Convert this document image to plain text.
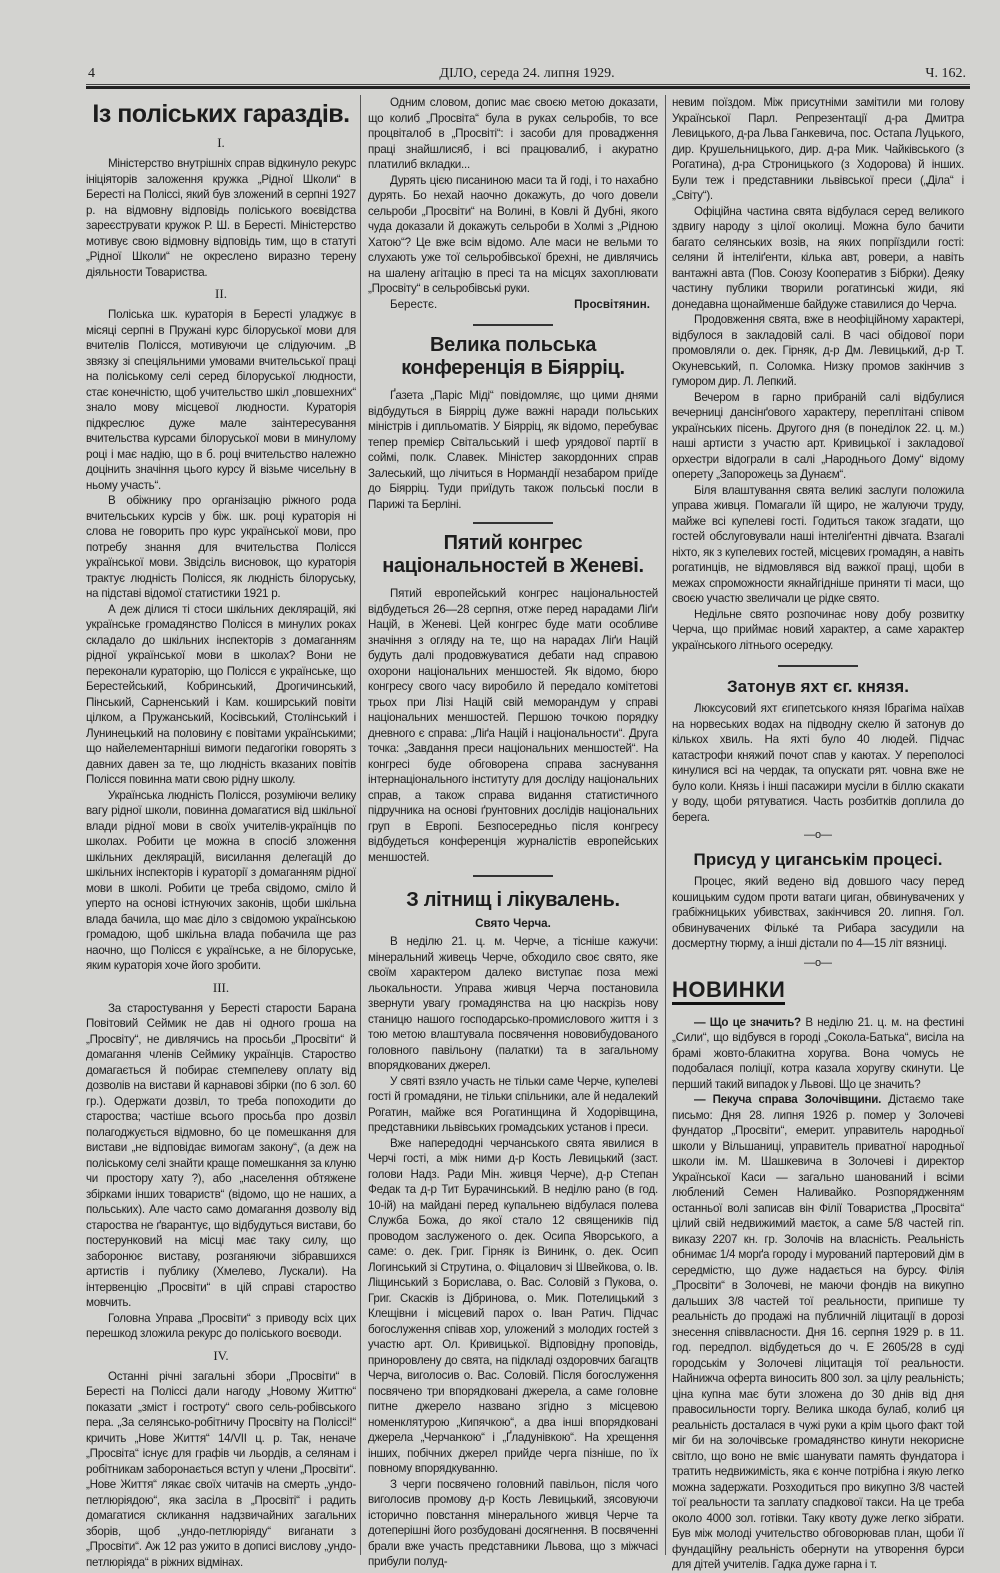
4	ДІЛО, середа 24. липня 1929.	Ч. 162.
Із поліських гараздів.
I.

Міністерство внутрішніх справ відкинуло рекурс ініціяторів заложення кружка „Рідної Школи“ в Бересті на Поліссі, який був зложений в серпні 1927 р. на відмовну відповідь поліського воєвідства зареєструвати кружок Р. Ш. в Бересті. Міністерство мотивує свою відмовну відповідь тим, що в статуті „Рідної Школи“ не окреслено виразно терену діяльности Товариства.

II.

Поліська шк. кураторія в Бересті уладжує в місяці серпні в Пружані курс білоруської мови для вчителів Полісся, мотивуючи це слідуючим. „В звязку зі спеціяльними умовами вчительської праці на поліському селі серед білоруської людности, стає конечністю, щоб учительство шкіл „повшехних“ знало мову місцевої людности. Кураторія підкреслює дуже мале заінтересування вчительства курсами білоруської мови в минулому році і має надію, що в б. році вчительство належно доцінить значіння цього курсу й візьме чисельну в ньому участь“.

В обіжнику про організацію ріжного рода вчительських курсів у біж. шк. році кураторія ні слова не говорить про курс української мови, про потребу знання для вчительства Полісся української мови. Звідсіль висновок, що кураторія трактує людність Полісся, як людність білоруську, на підставі відомої статистики 1921 р.

А деж ділися ті стоси шкільних деклярацій, які українське громадянство Полісся в минулих роках складало до шкільних інспекторів з домаганням рідної української мови в школах? Вони не переконали кураторію, що Полісся є українське, що Берестейський, Кобринський, Дрогичинський, Пінський, Сарненський і Кам. коширський повіти цілком, а Пружанський, Косівський, Столінський і Лунинецький на половину є повітами українськими; що найелементарніші вимоги педагогіки говорять з давних давен за те, що людність вказаних повітів Полісся повинна мати свою рідну школу.

Українська людність Полісся, розуміючи велику вагу рідної школи, повинна домагатися від шкільної влади рідної мови в своїх учителів-українців по школах. Робити це можна в спосіб зложення шкільних деклярацій, висилання делегацій до шкільних інспекторів і кураторії з домаганням рідної мови в школі. Робити це треба свідомо, сміло й уперто на основі істнуючих законів, щоби шкільна влада бачила, що має діло з свідомою українською громадою, щоб шкільна влада побачила ще раз наочно, що Полісся є українське, а не білоруське, яким кураторія хоче його зробити.

III.

За старостування у Бересті старости Барана Повітовий Сеймик не дав ні одного гроша на „Просвіту“, не дивлячись на просьби „Просвіти“ й домагання членів Сеймику українців. Староство домагається й побирає стемпелеву оплату від дозволів на вистави й карнавові збірки (по 6 зол. 60 гр.). Одержати дозвіл, то треба попоходити до староства; частіше всього просьба про дозвіл полагоджується відмовно, бо це помешкання для вистави „не відповідає вимогам закону“, (а деж на поліському селі знайти краще помешкання за клуню чи простору хату ?), або „населення обтяжене збірками інших товариств“ (відомо, що не наших, а польських). Але часто само домагання дозволу від староства не ґварантує, що відбудуться вистави, бо постерунковий на місці має таку силу, що заборонює виставу, розганяючи зібравшихся артистів і публику (Хмелево, Лускали). На інтервенцію „Просвіти“ в цій справі староство мовчить.

Головна Управа „Просвіти“ з приводу всіх цих перешкод зложила рекурс до поліського воєводи.

IV.

Останні річні загальні збори „Просвіти“ в Бересті на Поліссі дали нагоду „Новому Життю“ показати „зміст і гостроту“ свого сель-робівського пера. „За селянсько-робітничу Просвіту на Поліссі!“ кричить „Нове Життя“ 14/VII ц. р. Так, неначе „Просвіта“ існує для графів чи льордів, а селянам і робітникам заборонається вступ у члени „Просвіти“. „Нове Життя“ лякає своїх читачів на смерть „ундо-петлюріядою“, яка засіла в „Просвіті“ і радить домагатися скликання надзвичайних загальних зборів, щоб „ундо-петлюріяду“ виганати з „Просвіти“. Аж 12 раз ужито в дописі вислову „ундо-петлюріяда“ в ріжних відмінах.

Одним словом, допис має своєю метою доказати, що колиб „Просвіта“ була в руках сельробів, то все процвіталоб в „Просвіті“: і засоби для провадження праці знайшлисяб, і всі працювалиб, і акуратно платилиб вкладки...

Дурять цією писаниною маси та й годі, і то нахабно дурять. Бо нехай наочно докажуть, до чого довели сельроби „Просвіти“ на Волині, в Ковлі й Дубні, якого чуда доказали й докажуть сельроби в Холмі з „Рідною Хатою“? Це вже всім відомо. Але маси не вельми то слухають уже тої сельробівської брехні, не дивлячись на шалену агітацію в пресі та на місцях захоплювати „Просвіту“ в сельробівські руки.

Берестє.	Просвітянин.
Велика польська конференція в Біярріц.

Ґазета „Паріс Міді“ повідомляє, що цими днями відбудуться в Біярріц дуже важні наради польських міністрів і дипльоматів. У Біярріц, як відомо, перебуває тепер премієр Світальський і шеф урядової партії в соймі, полк. Славек. Міністер закордонних справ Залеський, що лічиться в Нормандії незабаром приїде до Біярріц. Туди приїдуть також польські посли в Парижі та Берліні.

Пятий конгрес національностей в Женеві.

Пятий европейський конгрес національностей відбудеться 26—28 серпня, отже перед нарадами Ліґи Націй, в Женеві. Цей конгрес буде мати особливе значіння з огляду на те, що на нарадах Ліґи Націй будуть далі продовжуватися дебати над справою охорони національних меншостей. Як відомо, бюро конгресу свого часу виробило й передало комітетові трьох при Лізі Націй свій меморандум у справі національних меншостей. Першою точкою порядку дневного є справа: „Ліґа Націй і національности“. Друга точка: „Завдання преси національних меншостей“. На конгресі буде обговорена справа заснування інтернаціонального інституту для досліду національних справ, а також справа видання статистичного підручника на основі ґрунтовних дослідів національних груп в Европі. Безпосередньо після конгресу відбудеться конференція журналістів европейських меншостей.

З літнищ і лікувалень.
Свято Черча.

В неділю 21. ц. м. Черче, а тісніше кажучи: мінеральний живець Черче, обходило своє свято, яке своїм характером далеко виступає поза межі льокальности. Управа живця Черча постановила звернути увагу громадянства на цю наскрізь нову станицю нашого господарсько-промислового життя і з тою метою влаштувала посвячення нововибудованого головного павільону (палатки) та в загальному впорядкованих джерел.

У святі взяло участь не тільки саме Черче, купелеві гості й громадяни, не тільки спільники, але й недалекий Рогатин, майже вся Рогатинщина й Ходорівщина, представники львівських громадських установ і преси.

Вже напередодні черчанського свята явилися в Черчі гості, а між ними д-р Кость Левицький (заст. голови Надз. Ради Мін. живця Черче), д-р Степан Федак та д-р Тит Бурачинський. В неділю рано (в год. 10-ій) на майдані перед купальнею відбулася полева Служба Божа, до якої стало 12 священиків під проводом заслуженого о. дек. Осипа Яворського, а саме: о. дек. Григ. Гірняк із Вининк, о. дек. Осип Логинський зі Струтина, о. Фіцалович зі Швейкова, о. Ів. Ліщинський з Борислава, о. Вас. Соловій з Пукова, о. Григ. Скасків із Дібринова, о. Мик. Потелицький з Клещівни і місцевий парох о. Іван Ратич. Підчас богослуження співав хор, уложений з молодих гостей з участю арт. Ол. Кривицької. Відповідну проповідь, приноровлену до свята, на підкладі оздоровчих багацтв Черча, виголосив о. Вас. Соловій. Після богослуження посвячено три впорядковані джерела, а саме головне питне джерело названо згідно з місцевою номенклятурою „Кипячкою“, а два інші впорядковані джерела „Черчанкою“ і „Ґладунівкою“. На хрещення інших, побічних джерел прийде черга пізніше, по їх повному впорядкуванню.

З черги посвячено головний павільон, після чого виголосив промову д-р Кость Левицький, зясовуючи історично повстання мінерального живця Черче та дотеперішні його розбудовані досягнення. В посвяченні брали вже участь представники Львова, що з міжчасі прибули полуд-

невим поїздом. Між присутніми замітили ми голову Української Парл. Репрезентації д-ра Дмитра Левицького, д-ра Льва Ганкевича, пос. Остапа Луцького, дир. Крушельницького, дир. д-ра Мик. Чайківського (з Рогатина), д-ра Строницького (з Ходорова) й інших. Були теж і представники львівської преси („Діла“ і „Світу“).

Офіційна частина свята відбулася серед великого здвигу народу з цілої околиці. Можна було бачити багато селянських возів, на яких попріїздили гості: селяни й інтеліґенти, кілька авт, ровери, а навіть вантажні авта (Пов. Союзу Кооператив з Бібрки). Деяку частину публики творили рогатинські жиди, які донедавна щонайменше байдуже ставилися до Черча.

Продовження свята, вже в неофіційному характері, відбулося в закладовій салі. В часі обідової пори промовляли о. дек. Гірняк, д-р Дм. Левицький, д-р Т. Окуневський, п. Соломка. Низку промов закінчив з гумором дир. Л. Лепкий.

Вечером в гарно прибраній салі відбулися вечерниці дансінґового характеру, переплітані співом українських пісень. Другого дня (в понеділок 22. ц. м.) наші артисти з участю арт. Кривицької і закладової орхестри відограли в салі „Народнього Дому“ відому оперету „Запорожець за Дунаєм“.

Біля влаштування свята великі заслуги положила управа живця. Помагали їй щиро, не жалуючи труду, майже всі купелеві гості. Годиться також згадати, що гостей обслуговували наші інтеліґентні дівчата. Взагалі ніхто, як з купелевих гостей, місцевих громадян, а навіть рогатинців, не відмовлявся від важкої праці, щоби в межах спроможности якнайгідніше приняти ті маси, що своєю участю звеличали це рідке свято.

Недільне свято розпочинає нову добу розвитку Черча, що приймає новий характер, а саме характер українського літнього осередку.

Затонув яхт єг. князя.

Люксусовий яхт єгипетського князя Ібрагіма наїхав на норвеських водах на підводну скелю й затонув до кількох хвиль. На яхті було 40 людей. Підчас катастрофи княжий почот спав у каютах. У переполосі кинулися всі на чердак, та опускати рят. човна вже не було коли. Князь і інші пасажири мусіли в біллю скакати у воду, щоби рятуватися. Часть розбитків доплила до берега.

—o—
Присуд у циганськім процесі.

Процес, який ведено від довшого часу перед кошицьким судом проти ватаги циган, обвинувачених у грабіжницьких убивствах, закінчився 20. липня. Гол. обвинувачених Фількé та Рибара засудили на досмертну тюрму, а інші дістали по 4—15 літ вязниці.

—o—
НОВИНКИ

— Що це значить? В неділю 21. ц. м. на фестині „Сили“, що відбувся в городі „Сокола-Батька“, висіла на брамі жовто-блакитна хоругва. Вона чомусь не подобалася поліції, котра казала хоругву скинути. Це перший такий випадок у Львові. Що це значить?

— Пекуча справа Золочівщини. Дістаємо таке письмо: Дня 28. липня 1926 р. помер у Золочеві фундатор „Просвіти“, емерит. управитель народньої школи у Вільшаниці, управитель приватної народньої школи ім. М. Шашкевича в Золочеві і директор Української Каси — загально шанований і всіми люблений Семен Наливайко. Розпорядженням останньої волі записав він Філії Товариства „Просвіта“ цілий свій недвижимий маєток, а саме 5/8 частей гіп. виказу 2207 кн. гр. Золочів на власність. Реальність обнимає 1/4 морґа городу і мурований партеровий дім в середмістю, що дуже надається на бурсу. Філія „Просвіти“ в Золочеві, не маючи фондів на викупно дальших 3/8 частей тої реальности, припише ту реальність до продажі на публичній ліцитації в дорозі знесення співвласности. Дня 16. серпня 1929 р. в 11. год. передпол. відбудеться до ч. Е 2605/28 в суді городськім у Золочеві ліцитація тої реальности. Найнижча оферта виносить 800 зол. за цілу реальність; ціна купна має бути зложена до 30 днів від дня правосильности торгу. Велика шкода булаб, колиб ця реальність досталася в чужі руки а крім цього факт той міг би на золочівське громадянство кинути некорисне світло, що воно не вміє шанувати память фундатора і тратить недвижимість, яка є конче потрібна і якую легко можна задержати. Розходиться про викупно 3/8 частей тої реальности та заплату спадкової такси. На це треба около 4000 зол. готівки. Таку квоту дуже легко зібрати. Був між молоді учительство обговорював план, щоби її фундаційну реальність обернути на утворення бурси для дітей учителів. Гадка дуже гарна і т.
